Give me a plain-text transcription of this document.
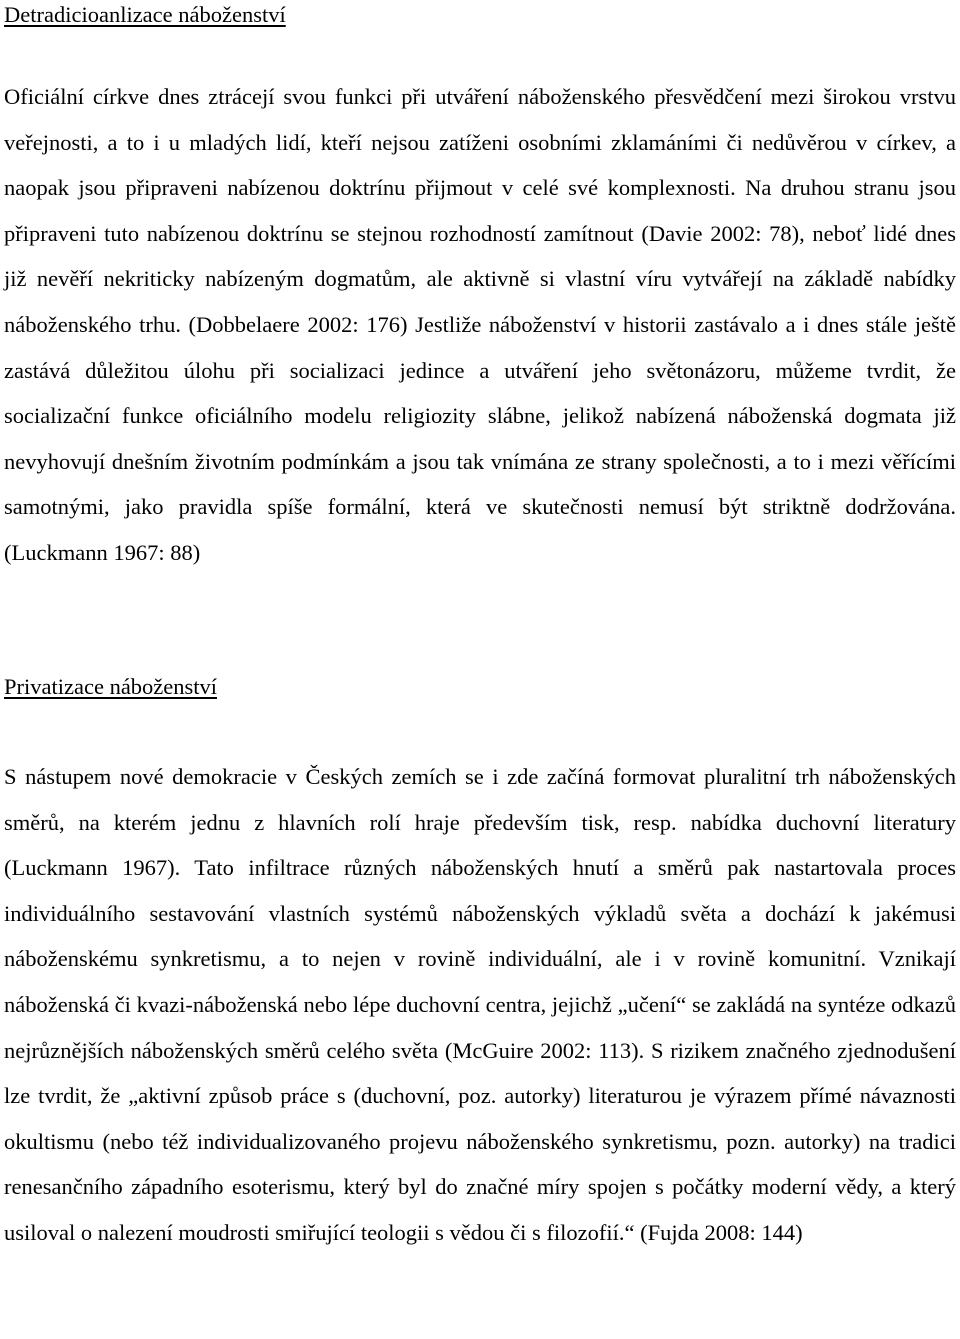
Detradicioanlizace náboženství

Oficiální církve dnes ztrácejí svou funkci při utváření náboženského přesvědčení mezi širokou vrstvu veřejnosti, a to i u mladých lidí, kteří nejsou zatíženi osobními zklamáními či nedůvěrou v církev, a naopak jsou připraveni nabízenou doktrínu přijmout v celé své komplexnosti. Na druhou stranu jsou připraveni tuto nabízenou doktrínu se stejnou rozhodností zamítnout (Davie 2002: 78), neboť lidé dnes již nevěří nekriticky nabízeným dogmatům, ale aktivně si vlastní víru vytvářejí na základě nabídky náboženského trhu. (Dobbelaere 2002: 176) Jestliže náboženství v historii zastávalo a i dnes stále ještě zastává důležitou úlohu při socializaci jedince a utváření jeho světonázoru, můžeme tvrdit, že socializační funkce oficiálního modelu religiozity slábne, jelikož nabízená náboženská dogmata již nevyhovují dnešním životním podmínkám a jsou tak vnímána ze strany společnosti, a to i mezi věřícími samotnými, jako pravidla spíše formální, která ve skutečnosti nemusí být striktně dodržována. (Luckmann 1967: 88)

Privatizace náboženství

S nástupem nové demokracie v Českých zemích se i zde začíná formovat pluralitní trh náboženských směrů, na kterém jednu z hlavních rolí hraje především tisk, resp. nabídka duchovní literatury (Luckmann 1967). Tato infiltrace různých náboženských hnutí a směrů pak nastartovala proces individuálního sestavování vlastních systémů náboženských výkladů světa a dochází k jakémusi náboženskému synkretismu, a to nejen v rovině individuální, ale i v rovině komunitní. Vznikají náboženská či kvazi-náboženská nebo lépe duchovní centra, jejichž „učení“ se zakládá na syntéze odkazů nejrůznějších náboženských směrů celého světa (McGuire 2002: 113). S rizikem značného zjednodušení lze tvrdit, že „aktivní způsob práce s (duchovní, poz. autorky) literaturou je výrazem přímé návaznosti okultismu (nebo též individualizovaného projevu náboženského synkretismu, pozn. autorky) na tradici renesančního západního esoterismu, který byl do značné míry spojen s počátky moderní vědy, a který usiloval o nalezení moudrosti smiřující teologii s vědou či s filozofií.“ (Fujda 2008: 144)
